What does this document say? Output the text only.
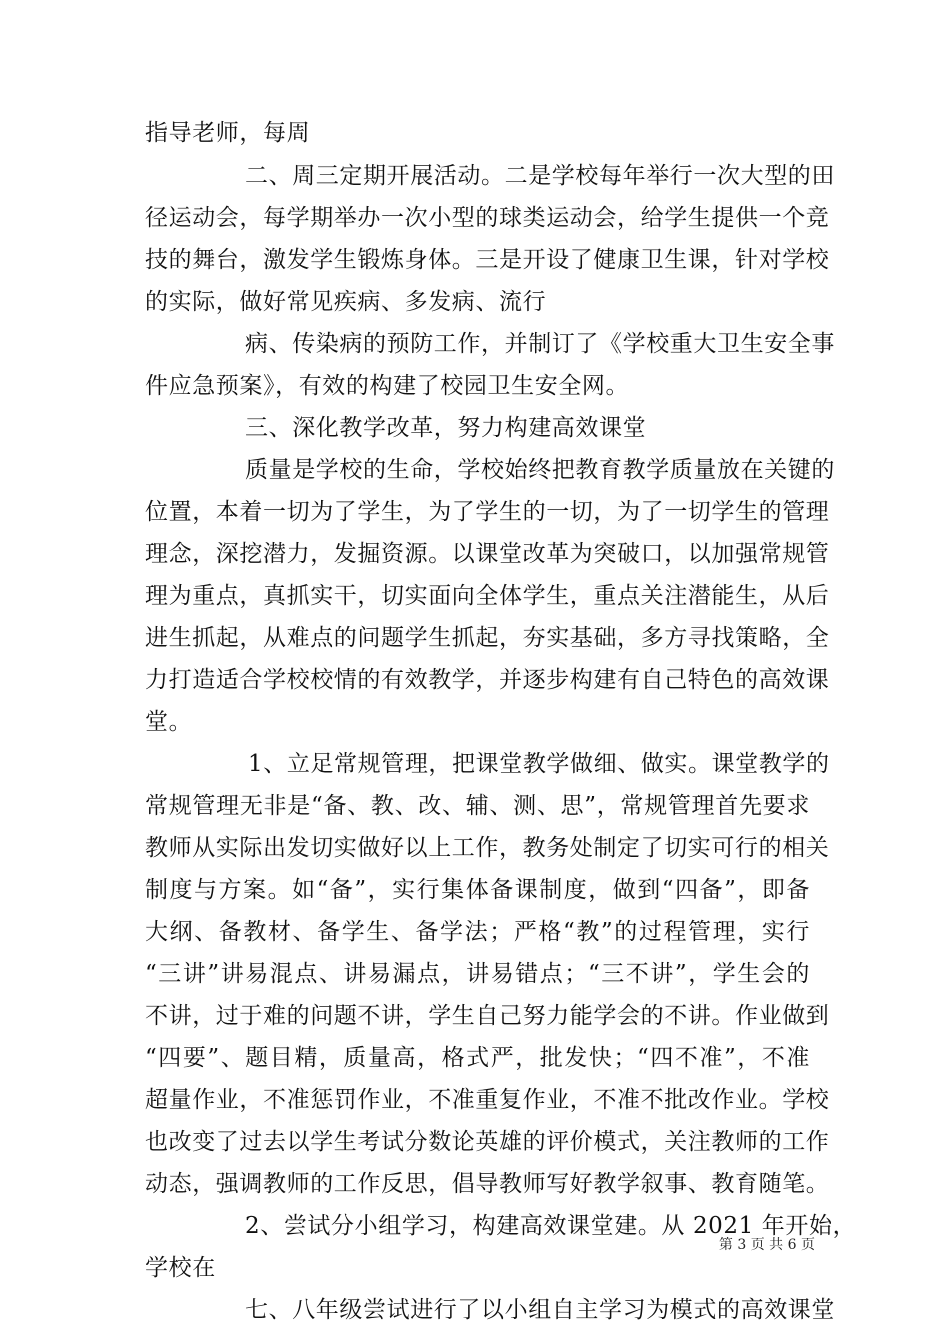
指导老师，每周
二、周三定期开展活动。二是学校每年举行一次大型的田
径运动会，每学期举办一次小型的球类运动会，给学生提供一个竞
技的舞台，激发学生锻炼身体。三是开设了健康卫生课，针对学校
的实际，做好常见疾病、多发病、流行
病、传染病的预防工作，并制订了《学校重大卫生安全事
件应急预案》，有效的构建了校园卫生安全网。
三、深化教学改革，努力构建高效课堂
质量是学校的生命，学校始终把教育教学质量放在关键的
位置，本着一切为了学生，为了学生的一切，为了一切学生的管理
理念，深挖潜力，发掘资源。以课堂改革为突破口，以加强常规管
理为重点，真抓实干，切实面向全体学生，重点关注潜能生，从后
进生抓起，从难点的问题学生抓起，夯实基础，多方寻找策略，全
力打造适合学校校情的有效教学，并逐步构建有自己特色的高效课
堂。
1、立足常规管理，把课堂教学做细、做实。课堂教学的
常规管理无非是“备、教、改、辅、测、思”，常规管理首先要求
教师从实际出发切实做好以上工作，教务处制定了切实可行的相关
制度与方案。如“备”，实行集体备课制度，做到“四备”，即备
大纲、备教材、备学生、备学法；严格“教”的过程管理，实行
“三讲”讲易混点、讲易漏点，讲易错点；“三不讲”，学生会的
不讲，过于难的问题不讲，学生自己努力能学会的不讲。作业做到
“四要”、题目精，质量高，格式严，批发快；“四不准”，不准
超量作业，不准惩罚作业，不准重复作业，不准不批改作业。学校
也改变了过去以学生考试分数论英雄的评价模式，关注教师的工作
动态，强调教师的工作反思，倡导教师写好教学叙事、教育随笔。
2、尝试分小组学习，构建高效课堂建。从 2021 年开始，
学校在
七、八年级尝试进行了以小组自主学习为模式的高效课堂
第 3 页 共 6 页
